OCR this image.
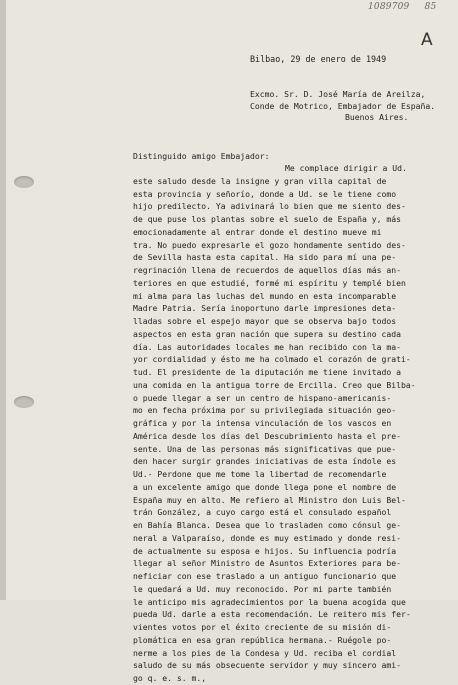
1089709 85
A
Bilbao, 29 de enero de 1949
Excmo. Sr. D. José María de Areilza,
Conde de Motrico, Embajador de España.
Buenos Aires.
Distinguido amigo Embajador:
Me complace dirigir a Ud.
este saludo desde la insigne y gran villa capital de
esta provincia y señorío, donde a Ud. se le tiene como
hijo predilecto. Ya adivinará lo bien que me siento des-
de que puse los plantas sobre el suelo de España y, más
emocionadamente al entrar donde el destino mueve mi
tra. No puedo expresarle el gozo hondamente sentido des-
de Sevilla hasta esta capital. Ha sido para mí una pe-
regrinación llena de recuerdos de aquellos días más an-
teriores en que estudié, formé mi espíritu y templé bien
mi alma para las luchas del mundo en esta incomparable
Madre Patria. Sería inoportuno darle impresiones deta-
lladas sobre el espejo mayor que se observa bajo todos
aspectos en esta gran nación que supera su destino cada
día. Las autoridades locales me han recibido con la ma-
yor cordialidad y ésto me ha colmado el corazón de grati-
tud. El presidente de la diputación me tiene invitado a
una comida en la antigua torre de Ercilla. Creo que Bilba-
o puede llegar a ser un centro de hispano-americanis-
mo en fecha próxima por su privilegiada situación geo-
gráfica y por la intensa vinculación de los vascos en
América desde los días del Descubrimiento hasta el pre-
sente. Una de las personas más significativas que pue-
den hacer surgir grandes iniciativas de esta índole es
Ud.- Perdone que me tome la libertad de recomendarle
a un excelente amigo que donde llega pone el nombre de
España muy en alto. Me refiero al Ministro don Luis Bel-
trán González, a cuyo cargo está el consulado español
en Bahía Blanca. Desea que lo trasladen como cónsul ge-
neral a Valparaíso, donde es muy estimado y donde resi-
de actualmente su esposa e hijos. Su influencia podría
llegar al señor Ministro de Asuntos Exteriores para be-
neficiar con ese traslado a un antiguo funcionario que
le quedará a Ud. muy reconocido. Por mi parte también
le anticipo mis agradecimientos por la buena acogida que
pueda Ud. darle a esta recomendación. Le reitero mis fer-
vientes votos por el éxito creciente de su misión di-
plomática en esa gran república hermana.- Ruégole po-
nerme a los pies de la Condesa y Ud. reciba el cordial
saludo de su más obsecuente servidor y muy sincero ami-
go q. e. s. m.,
